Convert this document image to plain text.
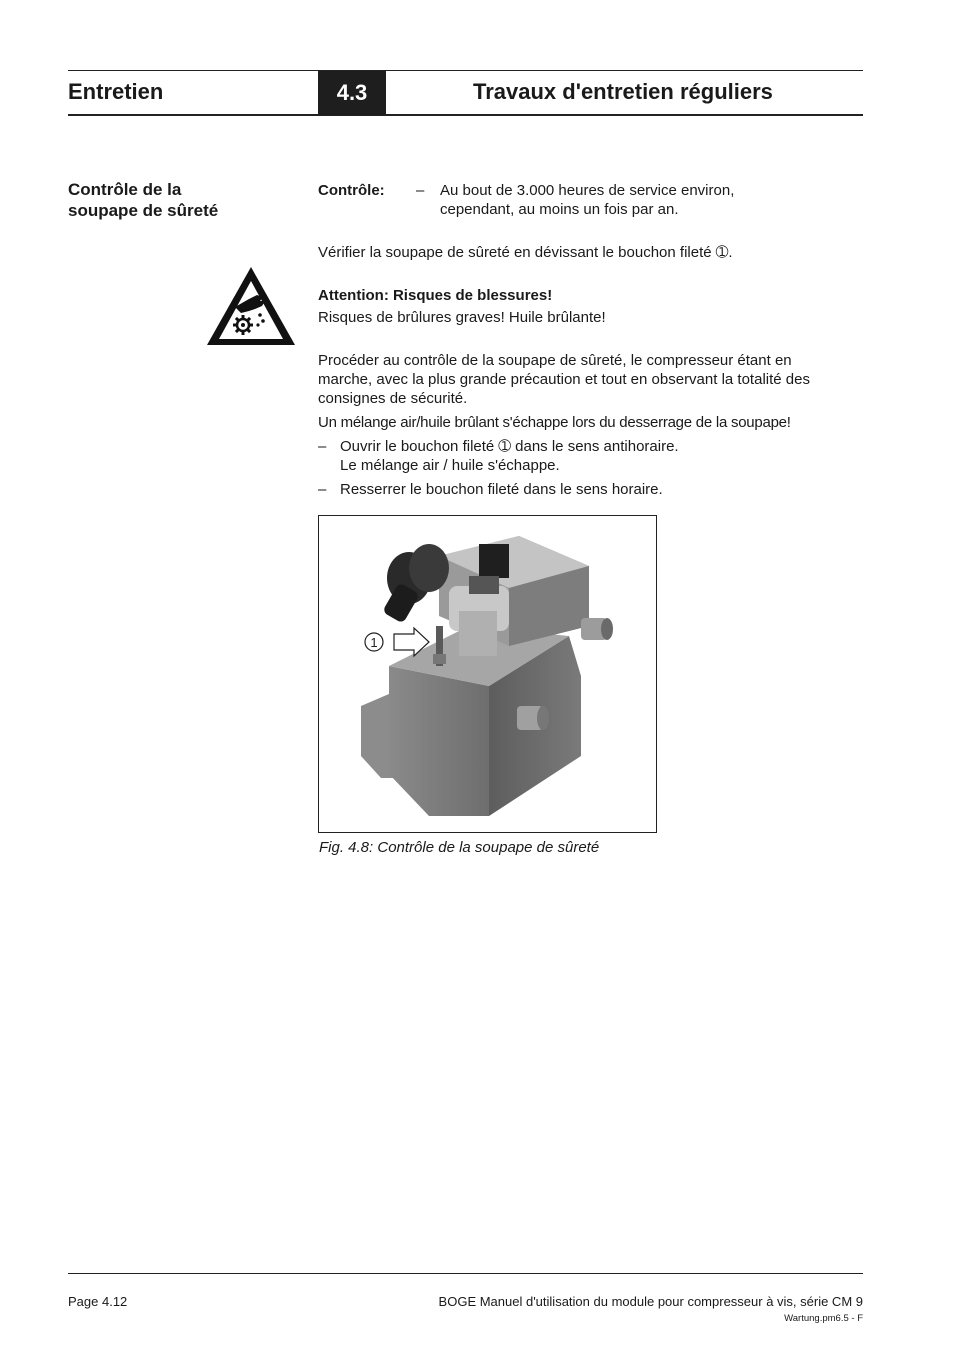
Entretien	4.3	Travaux d'entretien réguliers
Contrôle de la
soupape de sûreté
Contrôle: – Au bout de 3.000 heures de service environ,
cependant, au moins un fois par an.
Vérifier la soupape de sûreté en dévissant le bouchon fileté ➀.
Attention: Risques de blessures!
Risques de brûlures graves! Huile brûlante!
Procéder au contrôle de la soupape de sûreté, le compresseur étant en
marche, avec la plus grande précaution et tout en observant la totalité des
consignes de sécurité.
Un mélange air/huile brûlant s'échappe lors du desserrage de la soupape!
– Ouvrir le bouchon fileté ➀ dans le sens antihoraire.
Le mélange air / huile s'échappe.
– Resserrer le bouchon fileté dans le sens horaire.
1
Fig. 4.8: Contrôle de la soupape de sûreté
Page 4.12	BOGE Manuel d'utilisation du module pour compresseur à vis, série CM 9
Wartung.pm6.5 - F
